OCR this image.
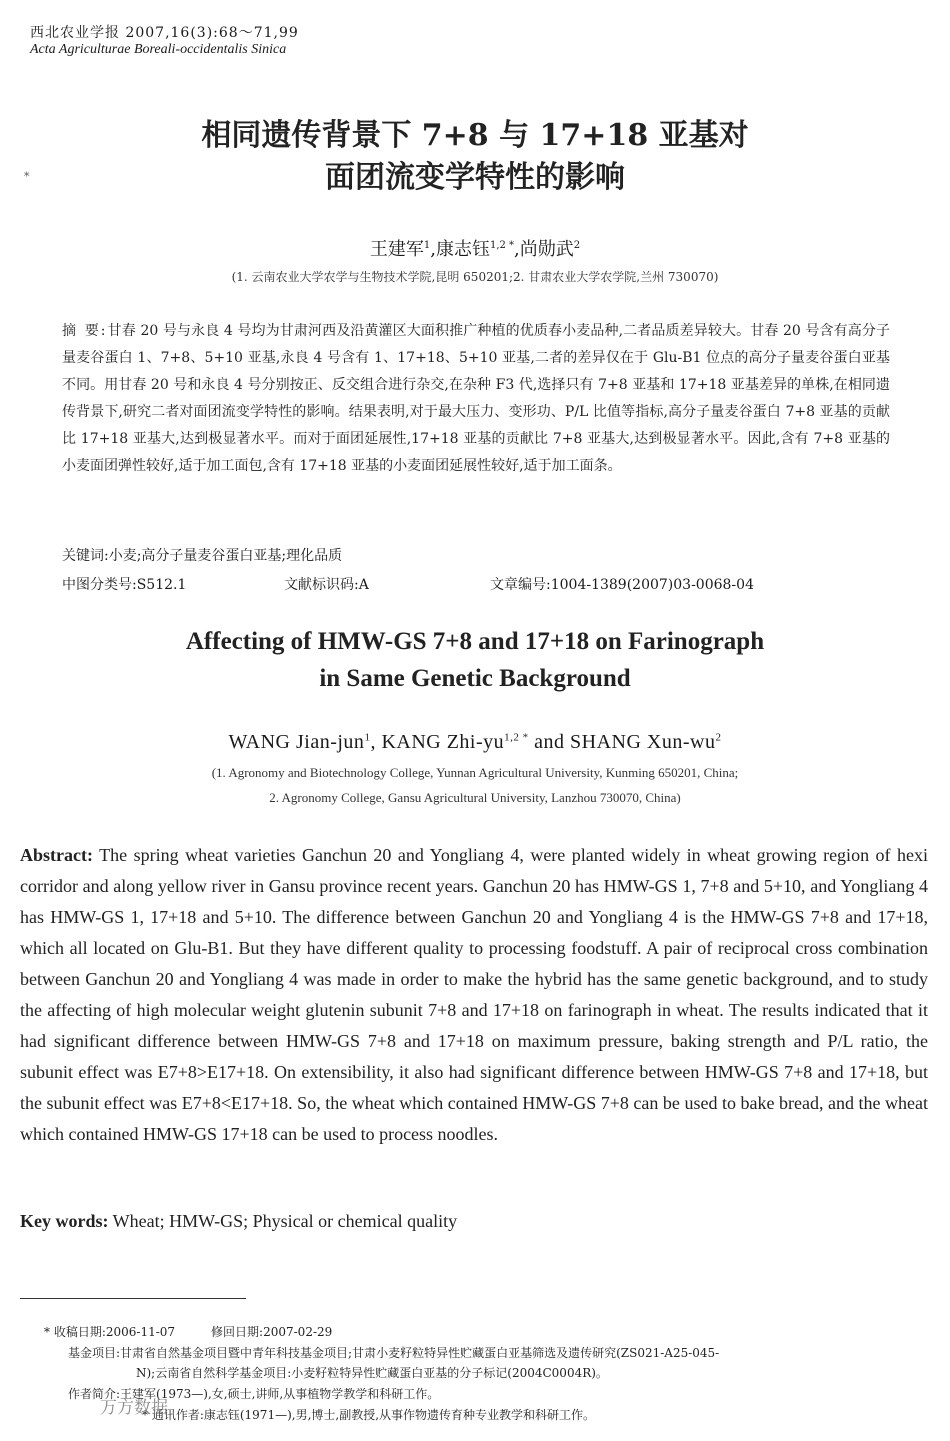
西北农业学报 2007,16(3):68～71,99
Acta Agriculturae Boreali-occidentalis Sinica
*
相同遗传背景下 7+8 与 17+18 亚基对
面团流变学特性的影响
王建军$^1$,康志钰$^{1,2 *}$,尚勋武$^2$
(1. 云南农业大学农学与生物技术学院,昆明 650201;2. 甘肃农业大学农学院,兰州 730070)
摘 要:甘春 20 号与永良 4 号均为甘肃河西及沿黄灌区大面积推广种植的优质春小麦品种,二者品质差异较大。甘春 20 号含有高分子量麦谷蛋白 1、7+8、5+10 亚基,永良 4 号含有 1、17+18、5+10 亚基,二者的差异仅在于 Glu-B1 位点的高分子量麦谷蛋白亚基不同。用甘春 20 号和永良 4 号分别按正、反交组合进行杂交,在杂种 F3 代,选择只有 7+8 亚基和 17+18 亚基差异的单株,在相同遗传背景下,研究二者对面团流变学特性的影响。结果表明,对于最大压力、变形功、P/L 比值等指标,高分子量麦谷蛋白 7+8 亚基的贡献比 17+18 亚基大,达到极显著水平。而对于面团延展性,17+18 亚基的贡献比 7+8 亚基大,达到极显著水平。因此,含有 7+8 亚基的小麦面团弹性较好,适于加工面包,含有 17+18 亚基的小麦面团延展性较好,适于加工面条。
关键词:小麦;高分子量麦谷蛋白亚基;理化品质
中图分类号:S512.1	文献标识码:A	文章编号:1004-1389(2007)03-0068-04
Affecting of HMW-GS 7+8 and 17+18 on Farinograph
in Same Genetic Background
WANG Jian-jun$^1$, KANG Zhi-$yu^{1,2 *}$ and SHANG Xun-$wu^2$
(1. Agronomy and Biotechnology College, Yunnan Agricultural University, Kunming 650201, China;
2. Agronomy College, Gansu Agricultural University, Lanzhou 730070, China)
Abstract: The spring wheat varieties Ganchun 20 and Yongliang 4, were planted widely in wheat growing region of hexi corridor and along yellow river in Gansu province recent years. Ganchun 20 has HMW-GS 1, 7+8 and 5+10, and Yongliang 4 has HMW-GS 1, 17+18 and 5+10. The difference between Ganchun 20 and Yongliang 4 is the HMW-GS 7+8 and 17+18, which all located on Glu-B1. But they have different quality to processing foodstuff. A pair of reciprocal cross combination between Ganchun 20 and Yongliang 4 was made in order to make the hybrid has the same genetic background, and to study the affecting of high molecular weight glutenin subunit 7+8 and 17+18 on farinograph in wheat. The results indicated that it had significant difference between HMW-GS 7+8 and 17+18 on maximum pressure, baking strength and P/L ratio, the subunit effect was E7+8>E17+18. On extensibility, it also had significant difference between HMW-GS 7+8 and 17+18, but the subunit effect was E7+8<E17+18. So, the wheat which contained HMW-GS 7+8 can be used to bake bread, and the wheat which contained HMW-GS 17+18 can be used to process noodles.
Key words: Wheat; HMW-GS; Physical or chemical quality
* 收稿日期:2006-11-07	修回日期:2007-02-29
基金项目:甘肃省自然基金项目暨中青年科技基金项目;甘肃小麦籽粒特异性贮藏蛋白亚基筛选及遗传研究(ZS021-A25-045-
N);云南省自然科学基金项目:小麦籽粒特异性贮藏蛋白亚基的分子标记(2004C0004R)。
作者简介:王建军(1973—),女,硕士,讲师,从事植物学教学和科研工作。
* 通讯作者:康志钰(1971—),男,博士,副教授,从事作物遗传育种专业教学和科研工作。
万方数据
